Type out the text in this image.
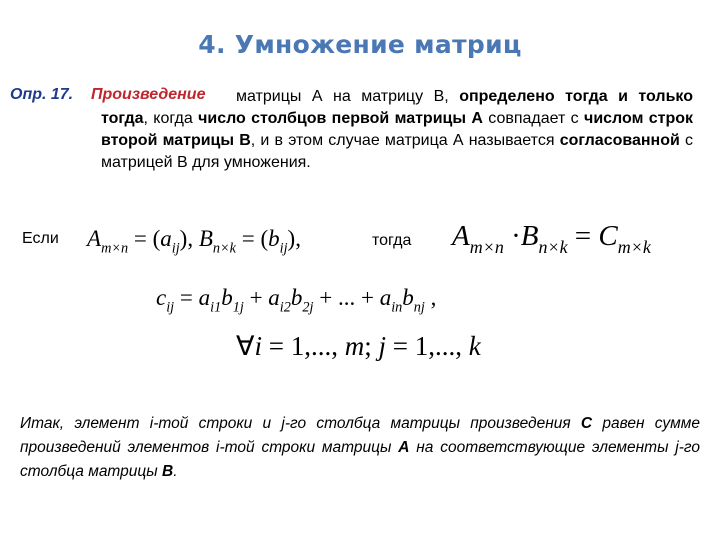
4. Умножение матриц
Опр. 17. Произведение	матрицы А на матрицу В, определено тогда и только тогда, когда число столбцов первой матрицы А совпадает с числом строк второй матрицы В, и в этом случае матрица А называется согласованной с матрицей В для умножения.
Если $A_{m\times n} = (a_{ij})$, $B_{n\times k} = (b_{ij})$,	тогда $A_{m\times n} \cdot B_{n\times k} = C_{m\times k}$
$c_{ij} = a_{i1}b_{1j} + a_{i2}b_{2j}$ + ... + $a_{in}b_{nj}$ ,
∀i = 1,..., m; j = 1,..., k
Итак, элемент i-той строки и j-го столбца матрицы произведения С равен сумме произведений элементов i-той строки матрицы А на соответствующие элементы j-го столбца матрицы В.
